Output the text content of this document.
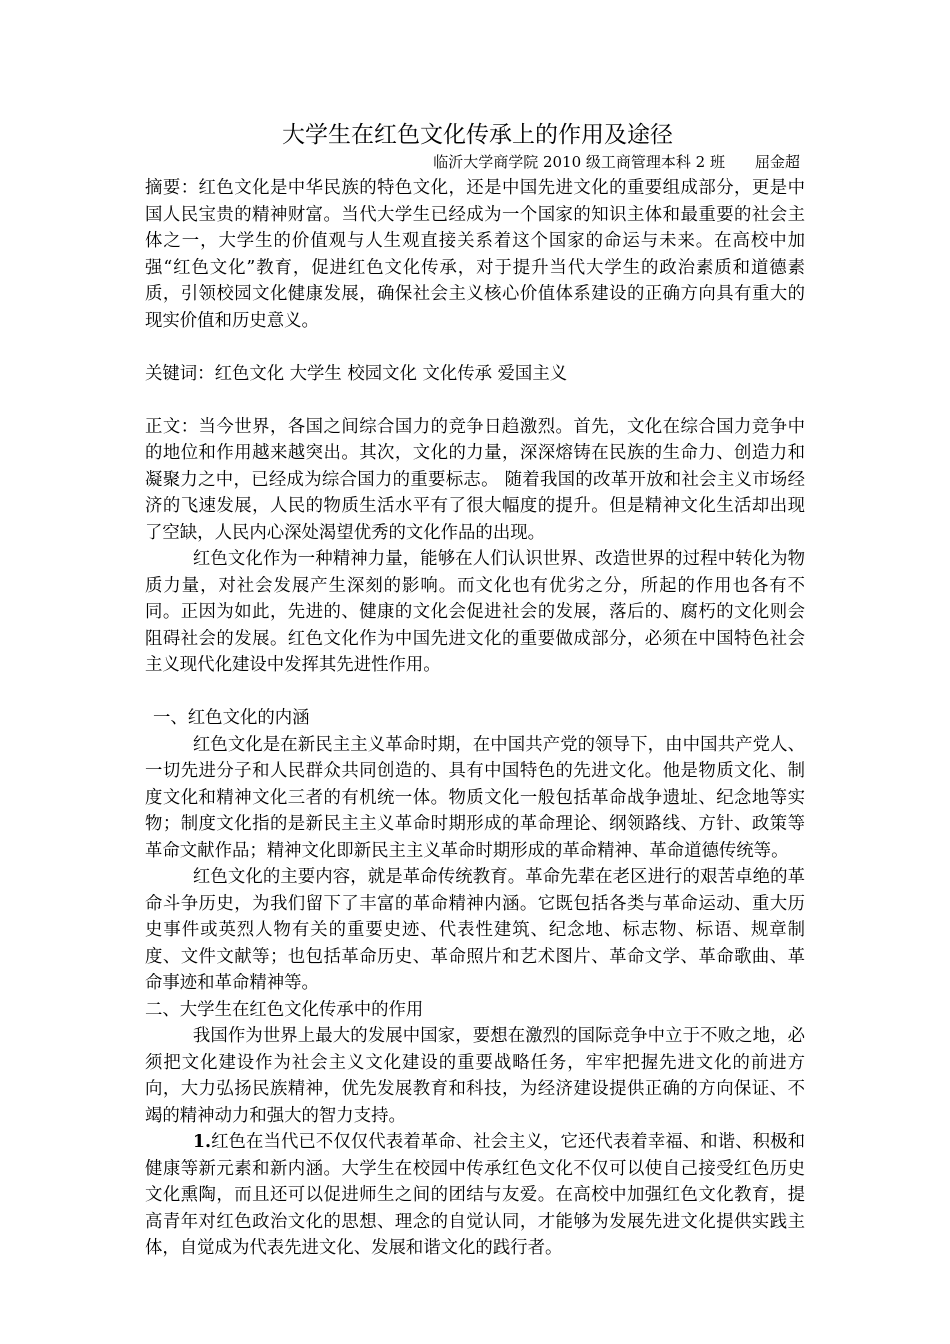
大学生在红色文化传承上的作用及途径
临沂大学商学院 2010 级工商管理本科 2 班　　屈金超

摘要：红色文化是中华民族的特色文化，还是中国先进文化的重要组成部分，更是中国人民宝贵的精神财富。当代大学生已经成为一个国家的知识主体和最重要的社会主体之一，大学生的价值观与人生观直接关系着这个国家的命运与未来。在高校中加强“红色文化”教育，促进红色文化传承，对于提升当代大学生的政治素质和道德素质，引领校园文化健康发展，确保社会主义核心价值体系建设的正确方向具有重大的现实价值和历史意义。

关键词：红色文化 大学生 校园文化 文化传承 爱国主义

正文：当今世界，各国之间综合国力的竞争日趋激烈。首先，文化在综合国力竞争中的地位和作用越来越突出。其次，文化的力量，深深熔铸在民族的生命力、创造力和凝聚力之中，已经成为综合国力的重要标志。 随着我国的改革开放和社会主义市场经济的飞速发展，人民的物质生活水平有了很大幅度的提升。但是精神文化生活却出现了空缺，人民内心深处渴望优秀的文化作品的出现。

红色文化作为一种精神力量，能够在人们认识世界、改造世界的过程中转化为物质力量，对社会发展产生深刻的影响。而文化也有优劣之分，所起的作用也各有不同。正因为如此，先进的、健康的文化会促进社会的发展，落后的、腐朽的文化则会阻碍社会的发展。红色文化作为中国先进文化的重要做成部分，必须在中国特色社会主义现代化建设中发挥其先进性作用。

一、红色文化的内涵

红色文化是在新民主主义革命时期，在中国共产党的领导下，由中国共产党人、一切先进分子和人民群众共同创造的、具有中国特色的先进文化。他是物质文化、制度文化和精神文化三者的有机统一体。物质文化一般包括革命战争遗址、纪念地等实物；制度文化指的是新民主主义革命时期形成的革命理论、纲领路线、方针、政策等革命文献作品；精神文化即新民主主义革命时期形成的革命精神、革命道德传统等。

红色文化的主要内容，就是革命传统教育。革命先辈在老区进行的艰苦卓绝的革命斗争历史，为我们留下了丰富的革命精神内涵。它既包括各类与革命运动、重大历史事件或英烈人物有关的重要史迹、代表性建筑、纪念地、标志物、标语、规章制度、文件文献等；也包括革命历史、革命照片和艺术图片、革命文学、革命歌曲、革命事迹和革命精神等。

二、大学生在红色文化传承中的作用

我国作为世界上最大的发展中国家，要想在激烈的国际竞争中立于不败之地，必须把文化建设作为社会主义文化建设的重要战略任务，牢牢把握先进文化的前进方向，大力弘扬民族精神，优先发展教育和科技，为经济建设提供正确的方向保证、不竭的精神动力和强大的智力支持。

1.红色在当代已不仅仅代表着革命、社会主义，它还代表着幸福、和谐、积极和健康等新元素和新内涵。大学生在校园中传承红色文化不仅可以使自己接受红色历史文化熏陶，而且还可以促进师生之间的团结与友爱。在高校中加强红色文化教育，提高青年对红色政治文化的思想、理念的自觉认同，才能够为发展先进文化提供实践主体，自觉成为代表先进文化、发展和谐文化的践行者。
